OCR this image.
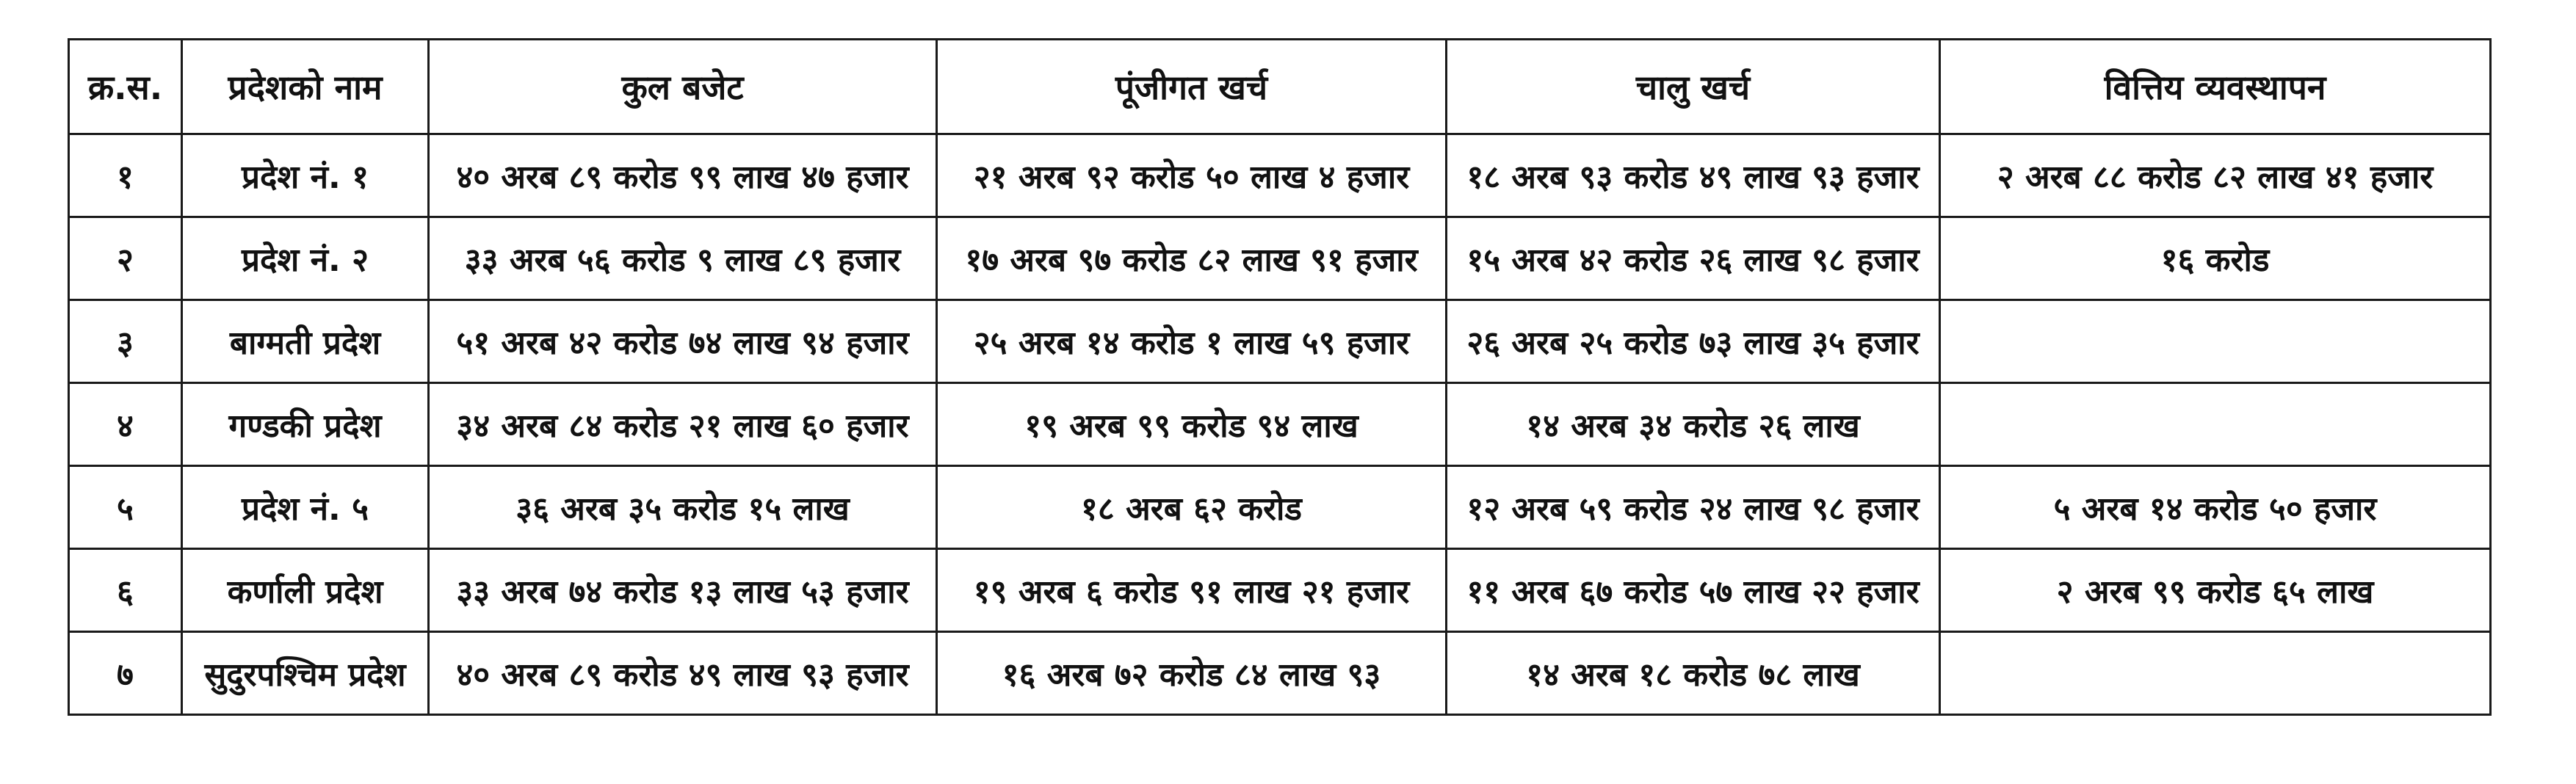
क्र.स.	प्रदेशको नाम	कुल बजेट	पूंजीगत खर्च	चालु खर्च	वित्तिय व्यवस्थापन
१	प्रदेश नं. १	४० अरब ८९ करोड ९९ लाख ४७ हजार	२१ अरब ९२ करोड ५० लाख ४ हजार	१८ अरब ९३ करोड ४९ लाख ९३ हजार	२ अरब ८८ करोड ८२ लाख ४१ हजार
२	प्रदेश नं. २	३३ अरब ५६ करोड ९ लाख ८९ हजार	१७ अरब ९७ करोड ८२ लाख ९१ हजार	१५ अरब ४२ करोड २६ लाख ९८ हजार	१६ करोड
३	बाग्मती प्रदेश	५१ अरब ४२ करोड ७४ लाख ९४ हजार	२५ अरब १४ करोड १ लाख ५९ हजार	२६ अरब २५ करोड ७३ लाख ३५ हजार	
४	गण्डकी प्रदेश	३४ अरब ८४ करोड २१ लाख ६० हजार	१९ अरब ९९ करोड ९४ लाख	१४ अरब ३४ करोड २६ लाख	
५	प्रदेश नं. ५	३६ अरब ३५ करोड १५ लाख	१८ अरब ६२ करोड	१२ अरब ५९ करोड २४ लाख ९८ हजार	५ अरब १४ करोड ५० हजार
६	कर्णाली प्रदेश	३३ अरब ७४ करोड १३ लाख ५३ हजार	१९ अरब ६ करोड ९१ लाख २१ हजार	११ अरब ६७ करोड ५७ लाख २२ हजार	२ अरब ९९ करोड ६५ लाख
७	सुदुरपश्चिम प्रदेश	४० अरब ८९ करोड ४९ लाख ९३ हजार	१६ अरब ७२ करोड ८४ लाख ९३	१४ अरब १८ करोड ७८ लाख	
